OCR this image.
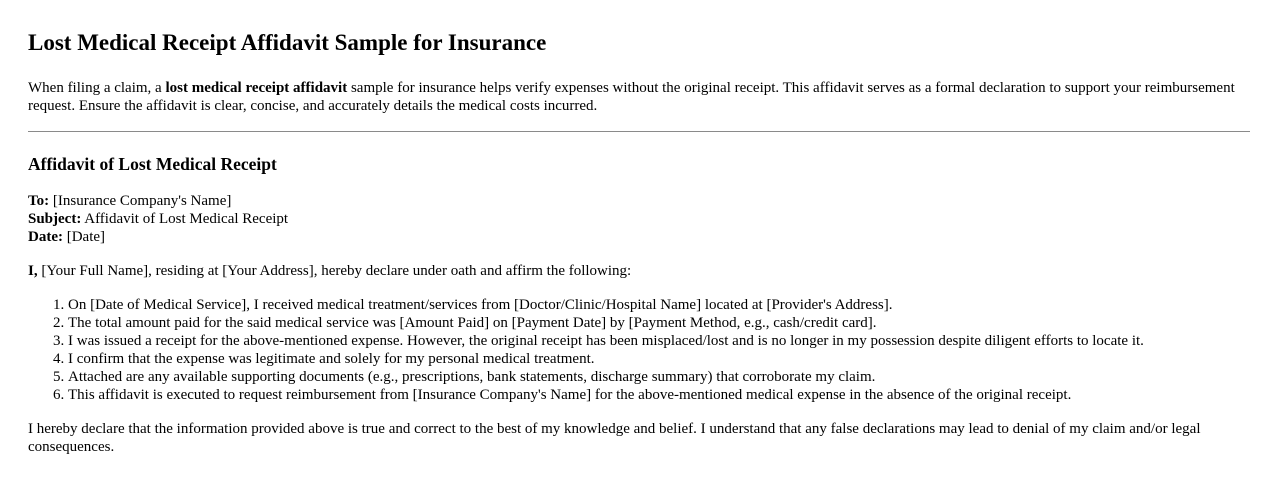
Lost Medical Receipt Affidavit Sample for Insurance

When filing a claim, a lost medical receipt affidavit sample for insurance helps verify expenses without the original receipt. This affidavit serves as a formal declaration to support your reimbursement request. Ensure the affidavit is clear, concise, and accurately details the medical costs incurred.

Affidavit of Lost Medical Receipt
To: [Insurance Company's Name]
Subject: Affidavit of Lost Medical Receipt
Date: [Date]

I, [Your Full Name], residing at [Your Address], hereby declare under oath and affirm the following:

1. On [Date of Medical Service], I received medical treatment/services from [Doctor/Clinic/Hospital Name] located at [Provider's Address].
2. The total amount paid for the said medical service was [Amount Paid] on [Payment Date] by [Payment Method, e.g., cash/credit card].
3. I was issued a receipt for the above-mentioned expense. However, the original receipt has been misplaced/lost and is no longer in my possession despite diligent efforts to locate it.
4. I confirm that the expense was legitimate and solely for my personal medical treatment.
5. Attached are any available supporting documents (e.g., prescriptions, bank statements, discharge summary) that corroborate my claim.
6. This affidavit is executed to request reimbursement from [Insurance Company's Name] for the above-mentioned medical expense in the absence of the original receipt.

I hereby declare that the information provided above is true and correct to the best of my knowledge and belief. I understand that any false declarations may lead to denial of my claim and/or legal consequences.
